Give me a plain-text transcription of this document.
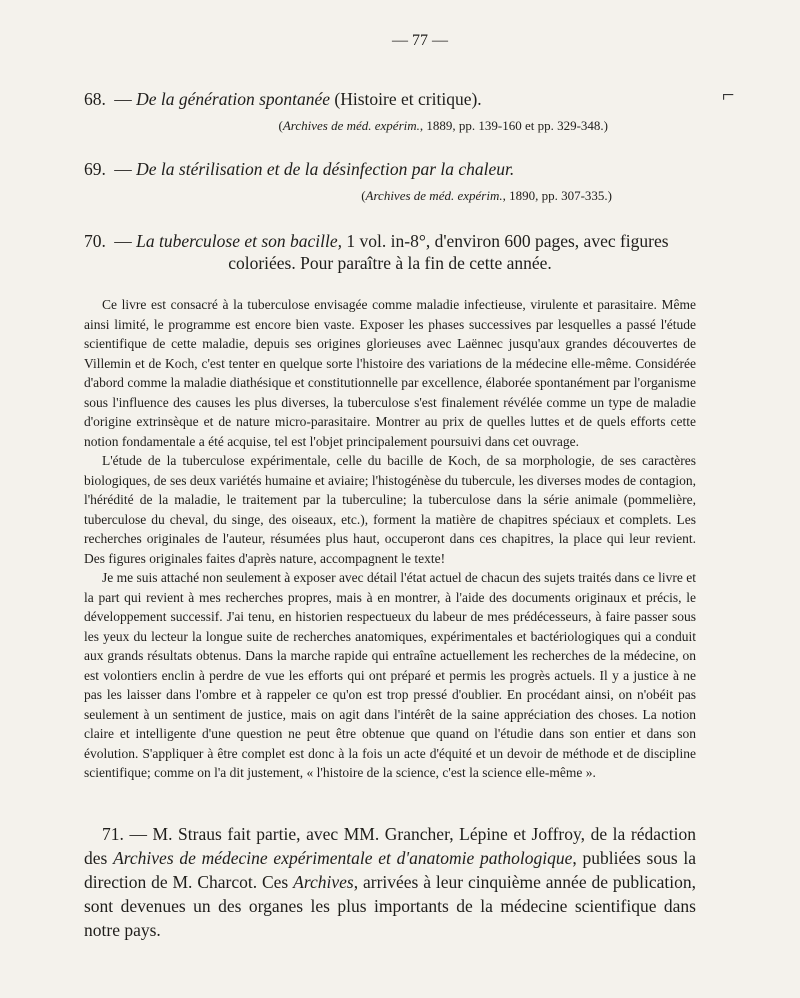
— 77 —
⌐
68. — De la génération spontanée (Histoire et critique).
(Archives de méd. expérim., 1889, pp. 139-160 et pp. 329-348.)
69. — De la stérilisation et de la désinfection par la chaleur.
(Archives de méd. expérim., 1890, pp. 307-335.)
70. — La tuberculose et son bacille, 1 vol. in-8°, d'environ 600 pages, avec figures
coloriées. Pour paraître à la fin de cette année.

Ce livre est consacré à la tuberculose envisagée comme maladie infectieuse, virulente et parasitaire. Même ainsi limité, le programme est encore bien vaste. Exposer les phases successives par lesquelles a passé l'étude scientifique de cette maladie, depuis ses origines glorieuses avec Laënnec jusqu'aux grandes découvertes de Villemin et de Koch, c'est tenter en quelque sorte l'histoire des variations de la médecine elle-même. Considérée d'abord comme la maladie diathésique et constitutionnelle par excellence, élaborée spontanément par l'organisme sous l'influence des causes les plus diverses, la tuberculose s'est finalement révélée comme un type de maladie d'origine extrinsèque et de nature micro-parasitaire. Montrer au prix de quelles luttes et de quels efforts cette notion fondamentale a été acquise, tel est l'objet principalement poursuivi dans cet ouvrage.

L'étude de la tuberculose expérimentale, celle du bacille de Koch, de sa morphologie, de ses caractères biologiques, de ses deux variétés humaine et aviaire; l'histogénèse du tubercule, les diverses modes de contagion, l'hérédité de la maladie, le traitement par la tuberculine; la tuberculose dans la série animale (pommelière, tuberculose du cheval, du singe, des oiseaux, etc.), forment la matière de chapitres spéciaux et complets. Les recherches originales de l'auteur, résumées plus haut, occuperont dans ces chapitres, la place qui leur revient. Des figures originales faites d'après nature, accompagnent le texte!

Je me suis attaché non seulement à exposer avec détail l'état actuel de chacun des sujets traités dans ce livre et la part qui revient à mes recherches propres, mais à en montrer, à l'aide des documents originaux et précis, le développement successif. J'ai tenu, en historien respectueux du labeur de mes prédécesseurs, à faire passer sous les yeux du lecteur la longue suite de recherches anatomiques, expérimentales et bactériologiques qui a conduit aux grands résultats obtenus. Dans la marche rapide qui entraîne actuellement les recherches de la médecine, on est volontiers enclin à perdre de vue les efforts qui ont préparé et permis les progrès actuels. Il y a justice à ne pas les laisser dans l'ombre et à rappeler ce qu'on est trop pressé d'oublier. En procédant ainsi, on n'obéit pas seulement à un sentiment de justice, mais on agit dans l'intérêt de la saine appréciation des choses. La notion claire et intelligente d'une question ne peut être obtenue que quand on l'étudie dans son entier et dans son évolution. S'appliquer à être complet est donc à la fois un acte d'équité et un devoir de méthode et de discipline scientifique; comme on l'a dit justement, « l'histoire de la science, c'est la science elle-même ».

71. — M. Straus fait partie, avec MM. Grancher, Lépine et Joffroy, de la rédaction des Archives de médecine expérimentale et d'anatomie pathologique, publiées sous la direction de M. Charcot. Ces Archives, arrivées à leur cinquième année de publication, sont devenues un des organes les plus importants de la médecine scientifique dans notre pays.
